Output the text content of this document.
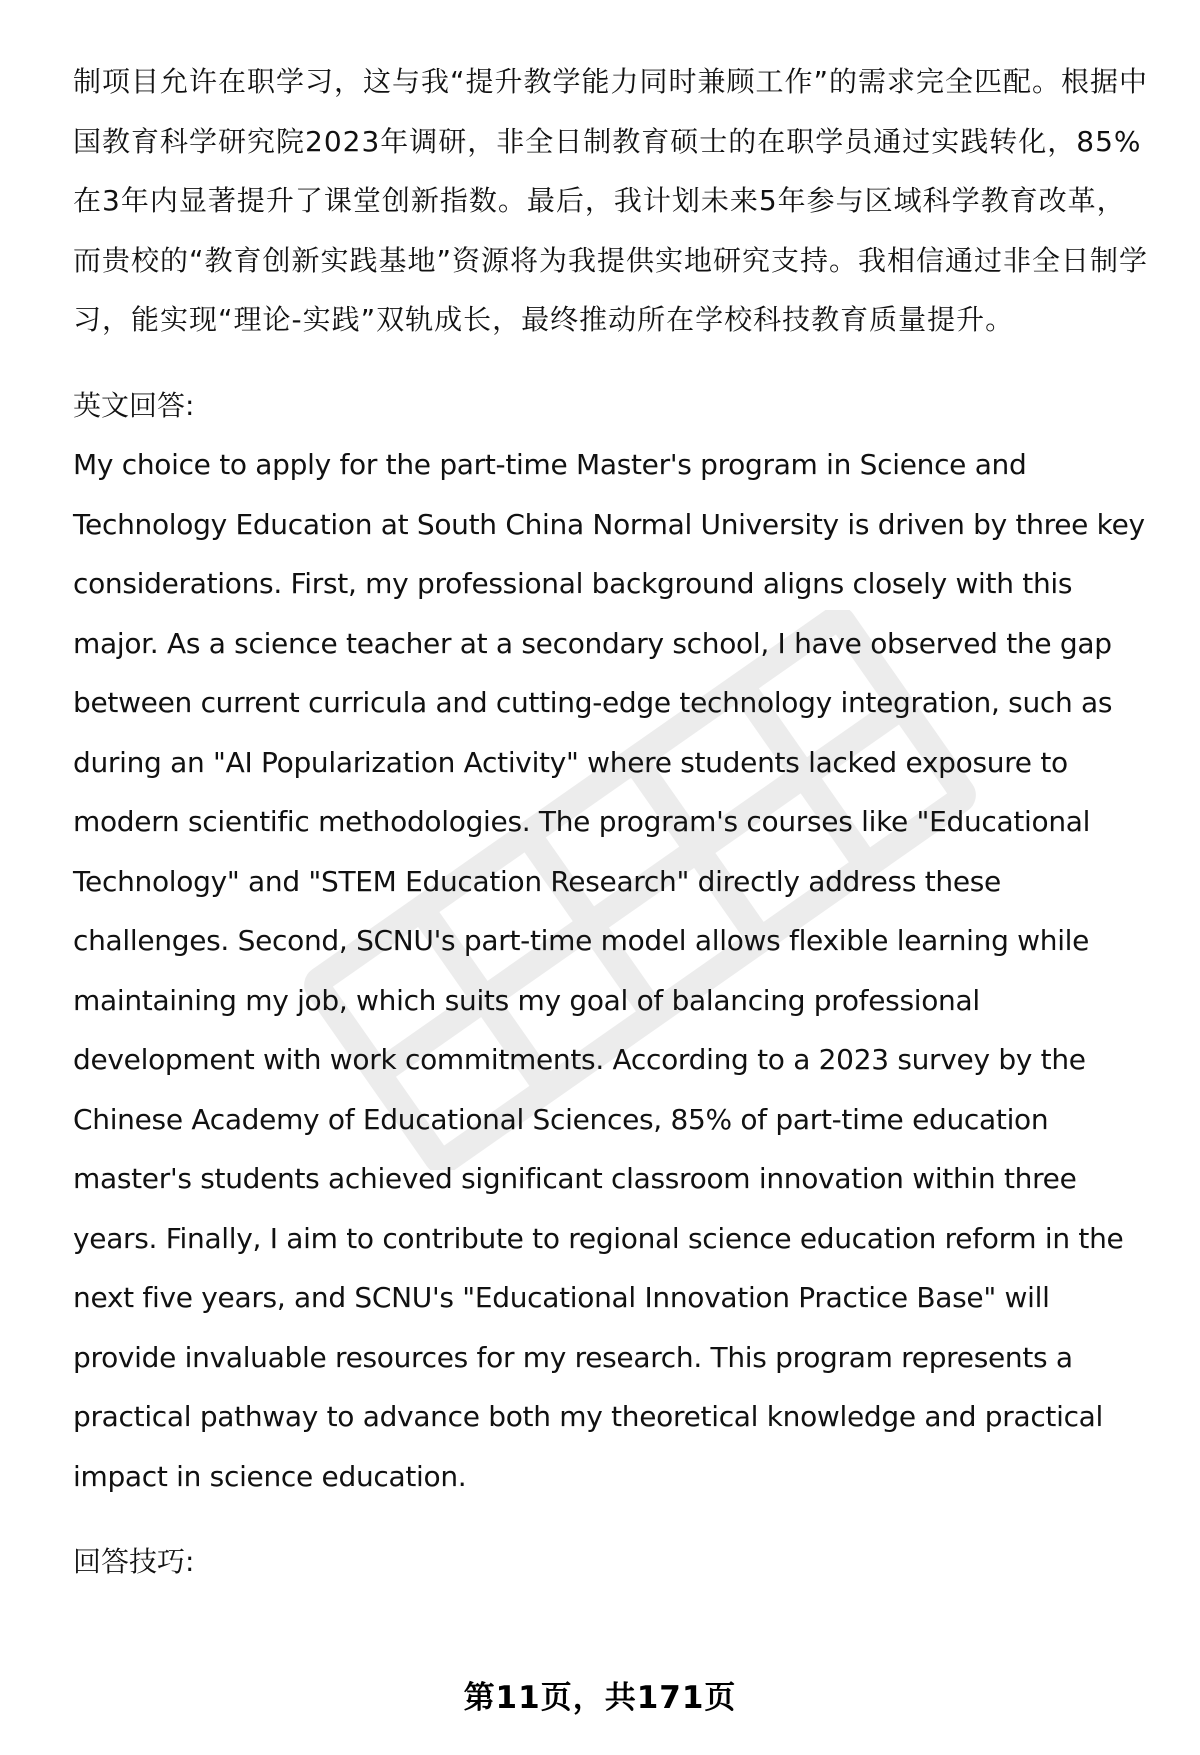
制项目允许在职学习，这与我“提升教学能力同时兼顾工作”的需求完全匹配。根据中国教育科学研究院2023年调研，非全日制教育硕士的在职学员通过实践转化，85%在3年内显著提升了课堂创新指数。最后，我计划未来5年参与区域科学教育改革，而贵校的“教育创新实践基地”资源将为我提供实地研究支持。我相信通过非全日制学习，能实现“理论-实践”双轨成长，最终推动所在学校科技教育质量提升。

英文回答:

My choice to apply for the part-time Master's program in Science and Technology Education at South China Normal University is driven by three key considerations. First, my professional background aligns closely with this major. As a science teacher at a secondary school, I have observed the gap between current curricula and cutting-edge technology integration, such as during an "AI Popularization Activity" where students lacked exposure to modern scientific methodologies. The program's courses like "Educational Technology" and "STEM Education Research" directly address these challenges. Second, SCNU's part-time model allows flexible learning while maintaining my job, which suits my goal of balancing professional development with work commitments. According to a 2023 survey by the Chinese Academy of Educational Sciences, 85% of part-time education master's students achieved significant classroom innovation within three years. Finally, I aim to contribute to regional science education reform in the next five years, and SCNU's "Educational Innovation Practice Base" will provide invaluable resources for my research. This program represents a practical pathway to advance both my theoretical knowledge and practical impact in science education.

回答技巧:

第11页，共171页
